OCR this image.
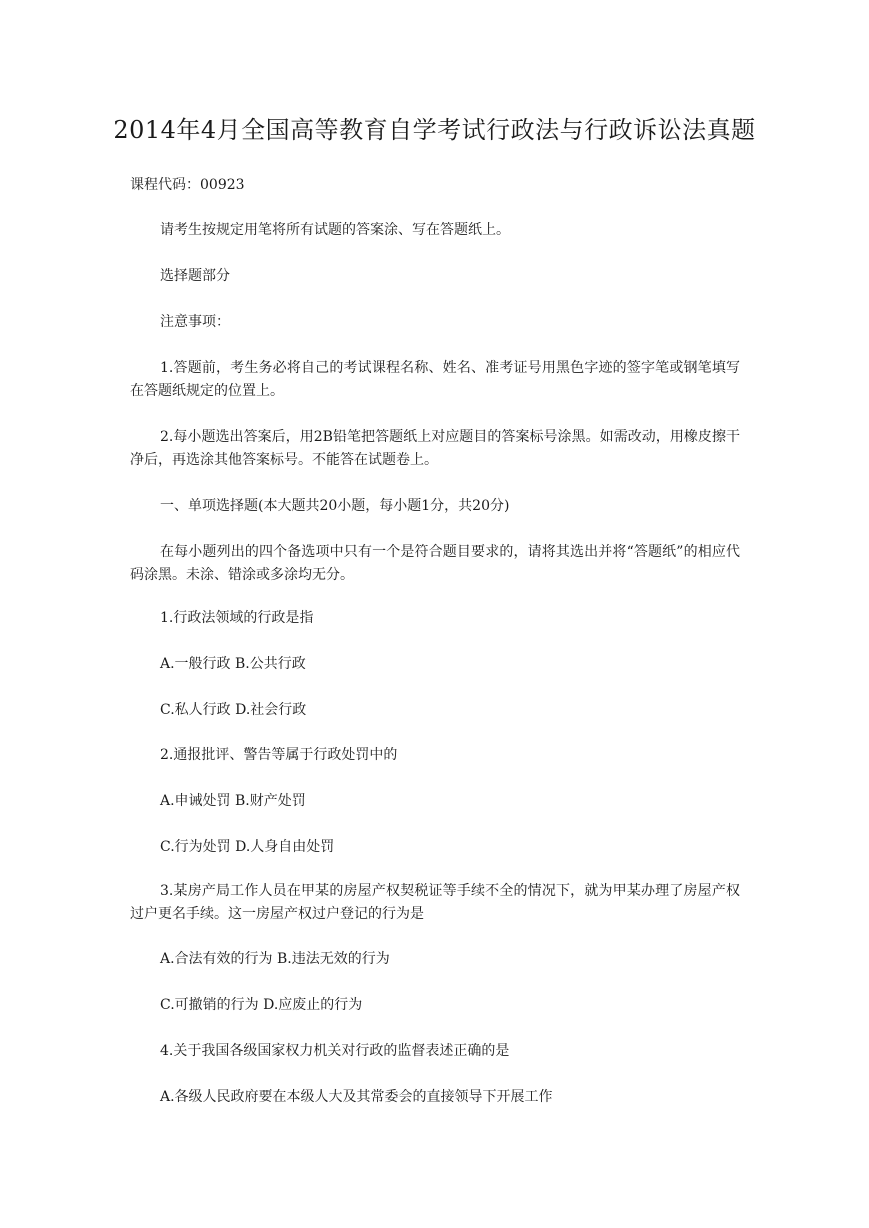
2014年4月全国高等教育自学考试行政法与行政诉讼法真题

课程代码：00923

请考生按规定用笔将所有试题的答案涂、写在答题纸上。

选择题部分

注意事项：

1.答题前，考生务必将自己的考试课程名称、姓名、准考证号用黑色字迹的签字笔或钢笔填写在答题纸规定的位置上。

2.每小题选出答案后，用2B铅笔把答题纸上对应题目的答案标号涂黑。如需改动，用橡皮擦干净后，再选涂其他答案标号。不能答在试题卷上。

一、单项选择题(本大题共20小题，每小题1分，共20分)

在每小题列出的四个备选项中只有一个是符合题目要求的，请将其选出并将“答题纸”的相应代码涂黑。未涂、错涂或多涂均无分。

1.行政法领域的行政是指

A.一般行政 B.公共行政

C.私人行政 D.社会行政

2.通报批评、警告等属于行政处罚中的

A.申诫处罚 B.财产处罚

C.行为处罚 D.人身自由处罚

3.某房产局工作人员在甲某的房屋产权契税证等手续不全的情况下，就为甲某办理了房屋产权过户更名手续。这一房屋产权过户登记的行为是

A.合法有效的行为 B.违法无效的行为

C.可撤销的行为 D.应废止的行为

4.关于我国各级国家权力机关对行政的监督表述正确的是

A.各级人民政府要在本级人大及其常委会的直接领导下开展工作
